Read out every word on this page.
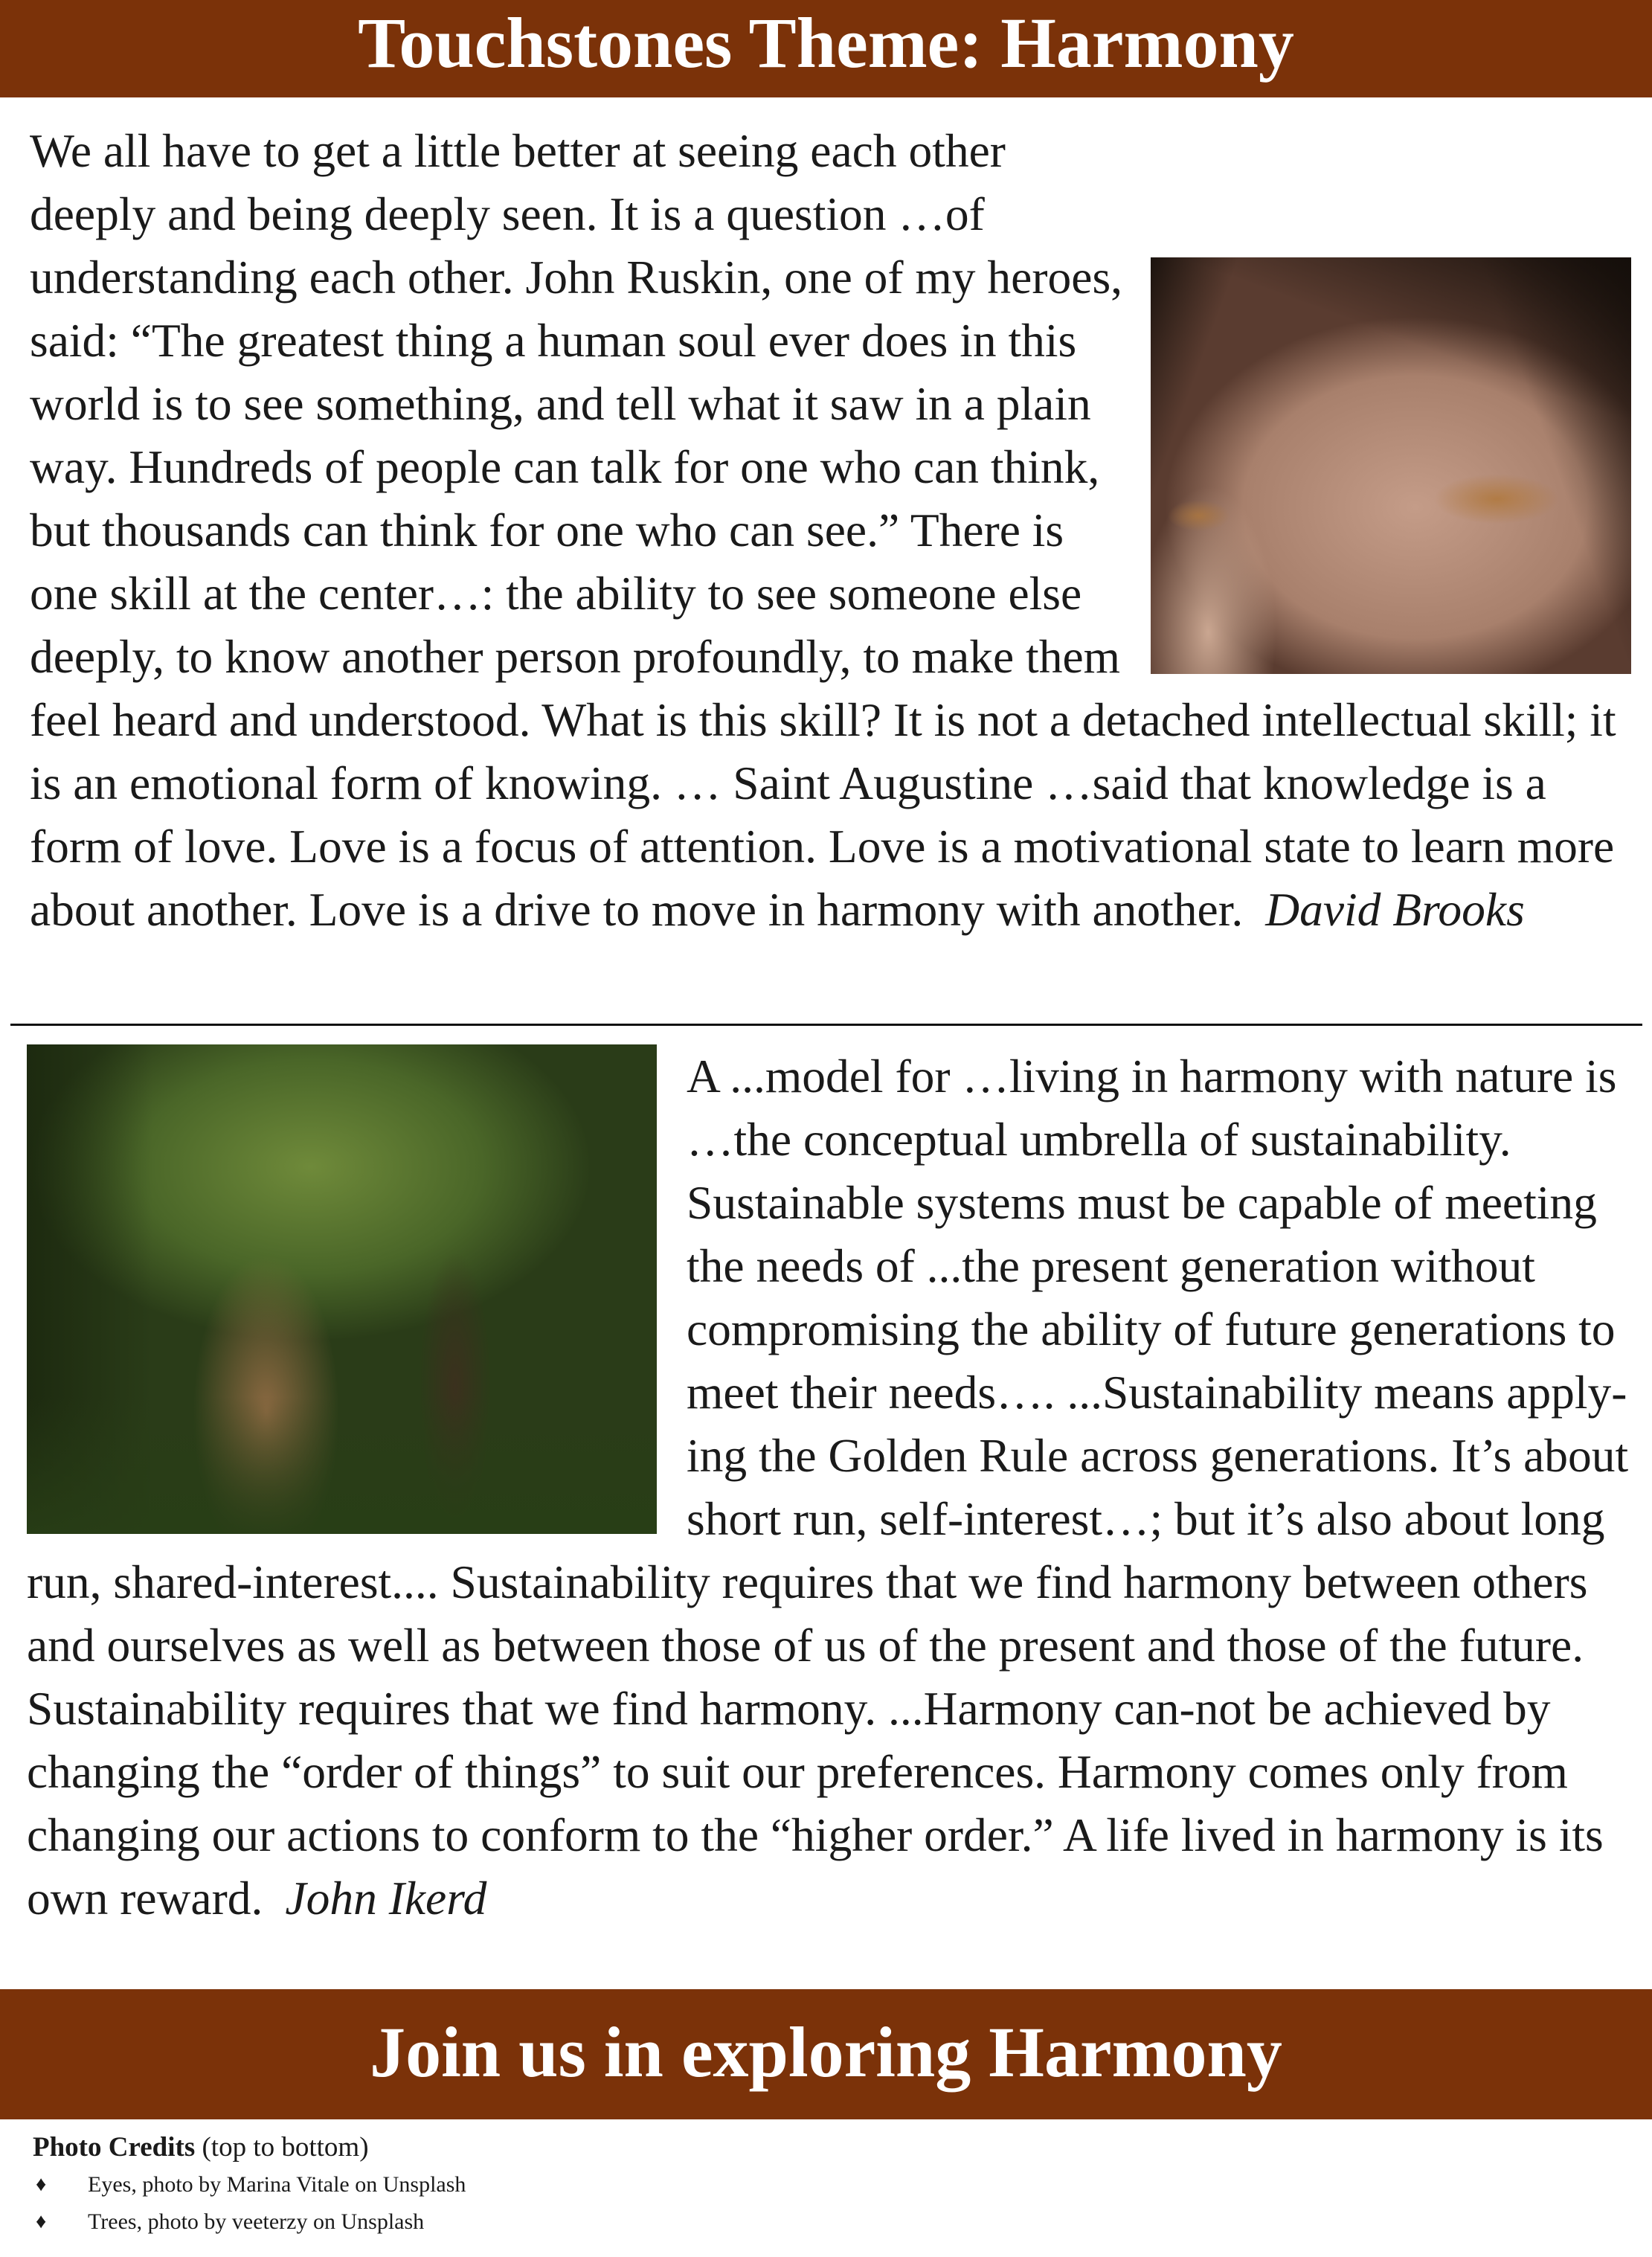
Touchstones Theme: Harmony
We all have to get a little better at seeing each other deeply and being deeply seen. It is a question …of understanding each other. John Ruskin, one of my heroes, said: “The greatest thing a human soul ever does in this world is to see something, and tell what it saw in a plain way. Hundreds of people can talk for one who can think, but thousands can think for one who can see.” There is one skill at the center…: the ability to see someone else deeply, to know another person profoundly, to make them feel heard and understood. What is this skill? It is not a detached intellectual skill; it is an emotional form of knowing. … Saint Augustine …said that knowledge is a form of love. Love is a focus of attention. Love is a motivational state to learn more about another. Love is a drive to move in harmony with another. David Brooks
A ...model for …living in harmony with nature is …the conceptual umbrella of sustainability. Sustainable systems must be capable of meeting the needs of ...the present generation without compromising the ability of future generations to meet their needs…. ...Sustainability means apply-ing the Golden Rule across generations. It’s about short run, self-interest…; but it’s also about long run, shared-interest.... Sustainability requires that we find harmony between others and ourselves as well as between those of us of the present and those of the future. Sustainability requires that we find harmony. ...Harmony can-not be achieved by changing the “order of things” to suit our preferences. Harmony comes only from changing our actions to conform to the “higher order.” A life lived in harmony is its own reward. John Ikerd
Join us in exploring Harmony
Photo Credits (top to bottom)
♦ Eyes, photo by Marina Vitale on Unsplash
♦ Trees, photo by veeterzy on Unsplash
